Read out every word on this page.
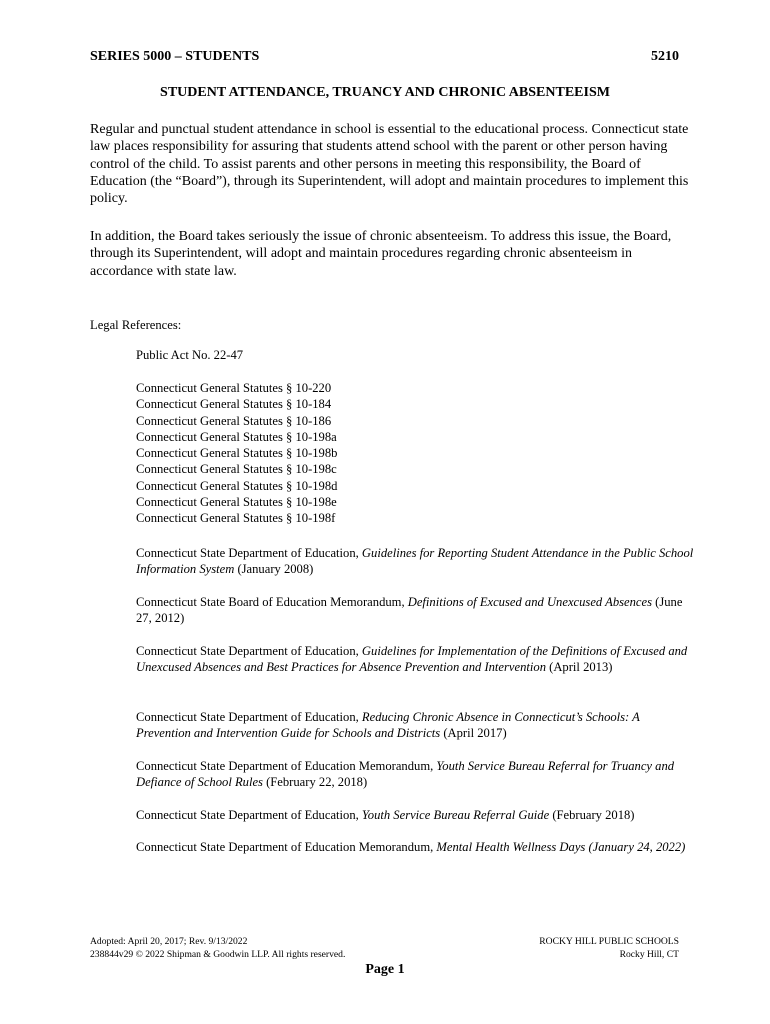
SERIES 5000 – STUDENTS	5210
STUDENT ATTENDANCE, TRUANCY AND CHRONIC ABSENTEEISM
Regular and punctual student attendance in school is essential to the educational process. Connecticut state law places responsibility for assuring that students attend school with the parent or other person having control of the child. To assist parents and other persons in meeting this responsibility, the Board of Education (the “Board”), through its Superintendent, will adopt and maintain procedures to implement this policy.
In addition, the Board takes seriously the issue of chronic absenteeism. To address this issue, the Board, through its Superintendent, will adopt and maintain procedures regarding chronic absenteeism in accordance with state law.
Legal References:
Public Act No. 22-47
Connecticut General Statutes § 10-220
Connecticut General Statutes § 10-184
Connecticut General Statutes § 10-186
Connecticut General Statutes § 10-198a
Connecticut General Statutes § 10-198b
Connecticut General Statutes § 10-198c
Connecticut General Statutes § 10-198d
Connecticut General Statutes § 10-198e
Connecticut General Statutes § 10-198f
Connecticut State Department of Education, Guidelines for Reporting Student Attendance in the Public School Information System (January 2008)
Connecticut State Board of Education Memorandum, Definitions of Excused and Unexcused Absences (June 27, 2012)
Connecticut State Department of Education, Guidelines for Implementation of the Definitions of Excused and Unexcused Absences and Best Practices for Absence Prevention and Intervention (April 2013)
Connecticut State Department of Education, Reducing Chronic Absence in Connecticut’s Schools: A Prevention and Intervention Guide for Schools and Districts (April 2017)
Connecticut State Department of Education Memorandum, Youth Service Bureau Referral for Truancy and Defiance of School Rules (February 22, 2018)
Connecticut State Department of Education, Youth Service Bureau Referral Guide (February 2018)
Connecticut State Department of Education Memorandum, Mental Health Wellness Days (January 24, 2022)
Adopted: April 20, 2017; Rev. 9/13/2022
238844v29 © 2022 Shipman & Goodwin LLP. All rights reserved.
ROCKY HILL PUBLIC SCHOOLS
Rocky Hill, CT
Page 1
